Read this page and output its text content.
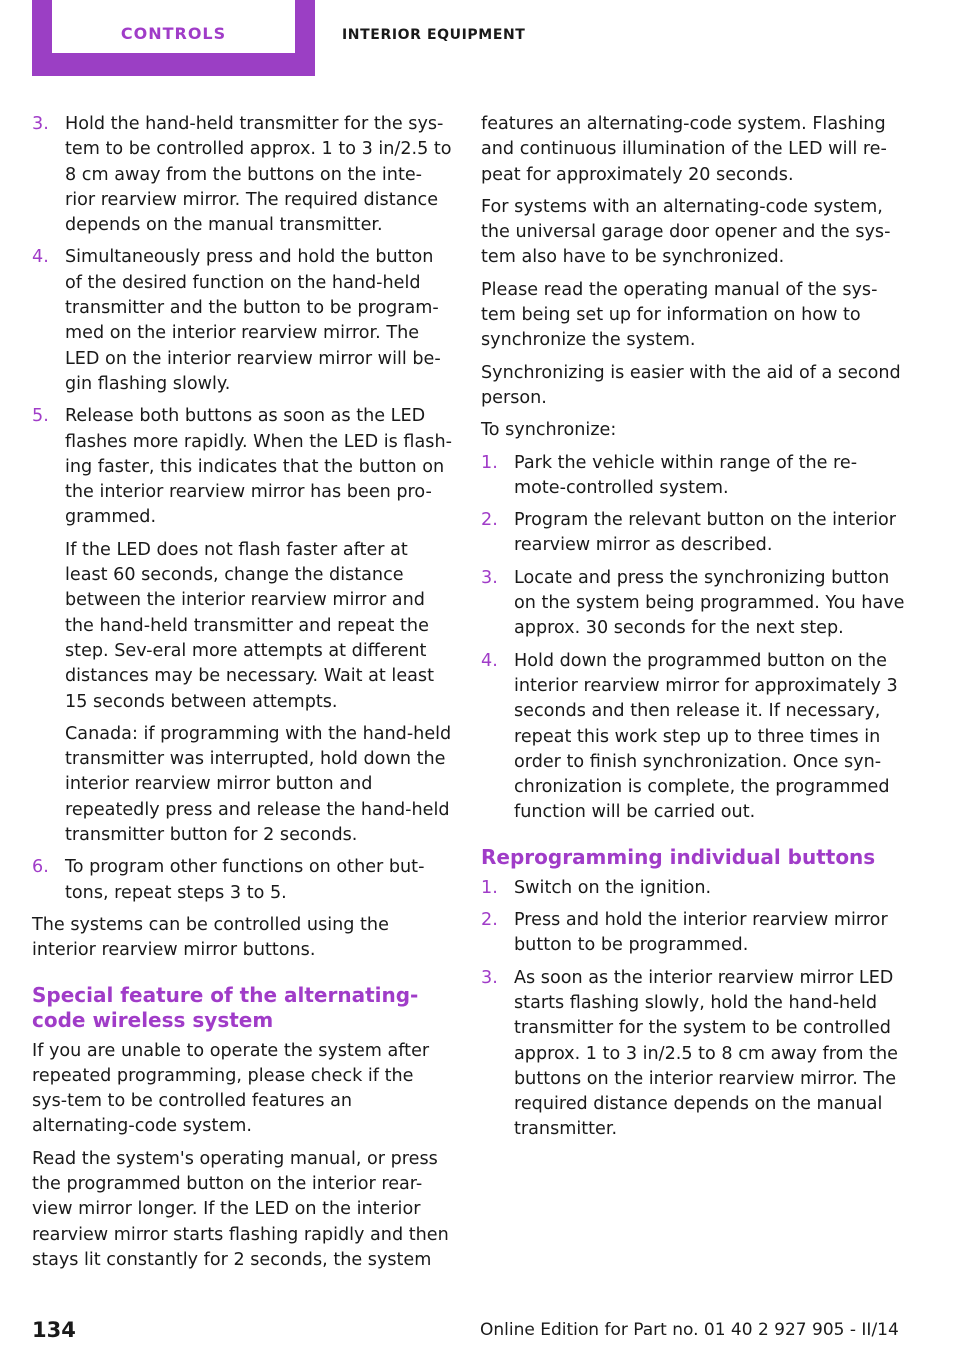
CONTROLS	INTERIOR EQUIPMENT
3. Hold the hand-held transmitter for the sys-tem to be controlled approx. 1 to 3 in/2.5 to 8 cm away from the buttons on the inte-rior rearview mirror. The required distance depends on the manual transmitter.
4. Simultaneously press and hold the button of the desired function on the hand-held transmitter and the button to be program-med on the interior rearview mirror. The LED on the interior rearview mirror will be-gin flashing slowly.
5. Release both buttons as soon as the LED flashes more rapidly. When the LED is flash-ing faster, this indicates that the button on the interior rearview mirror has been pro-grammed.

If the LED does not flash faster after at least 60 seconds, change the distance between the interior rearview mirror and the hand-held transmitter and repeat the step. Sev-eral more attempts at different distances may be necessary. Wait at least 15 seconds between attempts.

Canada: if programming with the hand-held transmitter was interrupted, hold down the interior rearview mirror button and repeatedly press and release the hand-held transmitter button for 2 seconds.

6. To program other functions on other but-tons, repeat steps 3 to 5.

The systems can be controlled using the interior rearview mirror buttons.

Special feature of the alternating-code wireless system

If you are unable to operate the system after repeated programming, please check if the sys-tem to be controlled features an alternating-code system.

Read the system's operating manual, or press the programmed button on the interior rear-view mirror longer. If the LED on the interior rearview mirror starts flashing rapidly and then stays lit constantly for 2 seconds, the system

features an alternating-code system. Flashing and continuous illumination of the LED will re-peat for approximately 20 seconds.

For systems with an alternating-code system, the universal garage door opener and the sys-tem also have to be synchronized.

Please read the operating manual of the sys-tem being set up for information on how to synchronize the system.

Synchronizing is easier with the aid of a second person.

To synchronize:

1. Park the vehicle within range of the re-mote-controlled system.
2. Program the relevant button on the interior rearview mirror as described.
3. Locate and press the synchronizing button on the system being programmed. You have approx. 30 seconds for the next step.
4. Hold down the programmed button on the interior rearview mirror for approximately 3 seconds and then release it. If necessary, repeat this work step up to three times in order to finish synchronization. Once syn-chronization is complete, the programmed function will be carried out.
Reprogramming individual buttons
1. Switch on the ignition.
2. Press and hold the interior rearview mirror button to be programmed.
3. As soon as the interior rearview mirror LED starts flashing slowly, hold the hand-held transmitter for the system to be controlled approx. 1 to 3 in/2.5 to 8 cm away from the buttons on the interior rearview mirror. The required distance depends on the manual transmitter.
134	Online Edition for Part no. 01 40 2 927 905 - II/14
